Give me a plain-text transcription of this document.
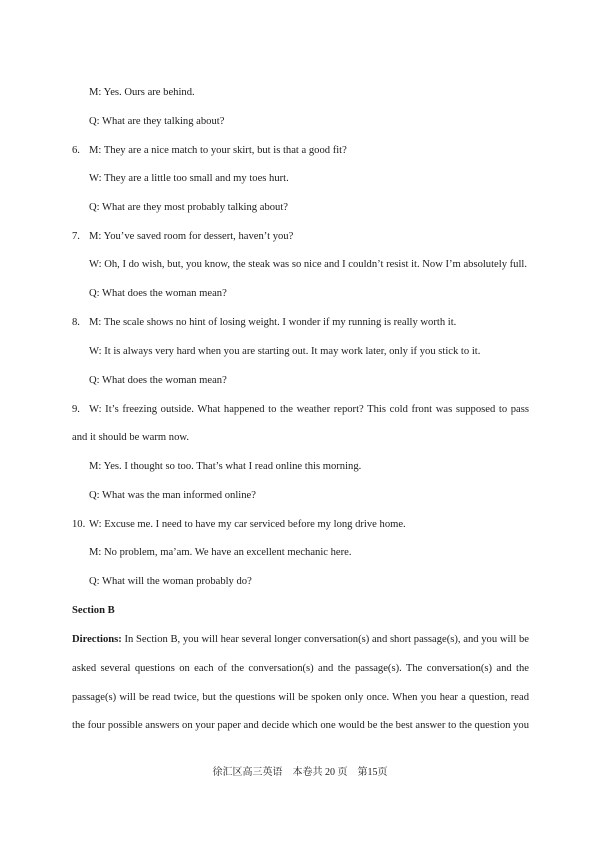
M: Yes. Ours are behind.
Q: What are they talking about?
6. M: They are a nice match to your skirt, but is that a good fit?
W: They are a little too small and my toes hurt.
Q: What are they most probably talking about?
7. M: You’ve saved room for dessert, haven’t you?
W: Oh, I do wish, but, you know, the steak was so nice and I couldn’t resist it. Now I’m absolutely full.
Q: What does the woman mean?
8. M: The scale shows no hint of losing weight. I wonder if my running is really worth it.
W: It is always very hard when you are starting out. It may work later, only if you stick to it.
Q: What does the woman mean?
9. W: It’s freezing outside. What happened to the weather report? This cold front was supposed to pass
and it should be warm now.
M: Yes. I thought so too. That’s what I read online this morning.
Q: What was the man informed online?
10. W: Excuse me. I need to have my car serviced before my long drive home.
M: No problem, ma’am. We have an excellent mechanic here.
Q: What will the woman probably do?
Section B
Directions: In Section B, you will hear several longer conversation(s) and short passage(s), and you will be
asked several questions on each of the conversation(s) and the passage(s). The conversation(s) and the
passage(s) will be read twice, but the questions will be spoken only once. When you hear a question, read
the four possible answers on your paper and decide which one would be the best answer to the question you
徐汇区高三英语　本卷共 20 页　第15页
